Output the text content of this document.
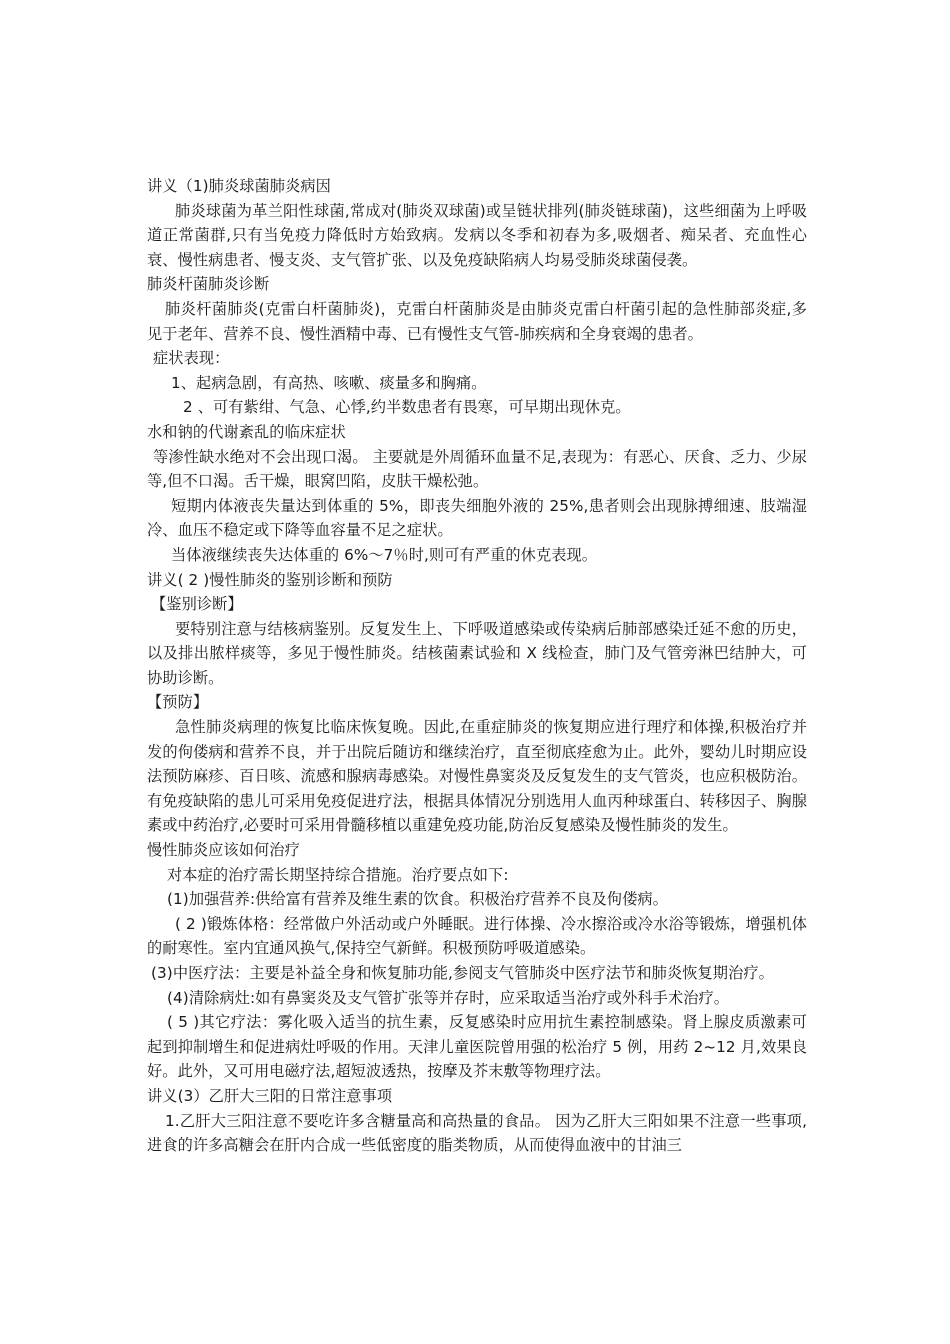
讲义（1)肺炎球菌肺炎病因

肺炎球菌为革兰阳性球菌,常成对(肺炎双球菌)或呈链状排列(肺炎链球菌)，这些细菌为上呼吸道正常菌群,只有当免疫力降低时方始致病。发病以冬季和初春为多,吸烟者、痴呆者、充血性心衰、慢性病患者、慢支炎、支气管扩张、以及免疫缺陷病人均易受肺炎球菌侵袭。

肺炎杆菌肺炎诊断

肺炎杆菌肺炎(克雷白杆菌肺炎)，克雷白杆菌肺炎是由肺炎克雷白杆菌引起的急性肺部炎症,多见于老年、营养不良、慢性酒精中毒、已有慢性支气管-肺疾病和全身衰竭的患者。

症状表现：

1、起病急剧，有高热、咳嗽、痰量多和胸痛。

2 、可有紫绀、气急、心悸,约半数患者有畏寒，可早期出现休克。

水和钠的代谢紊乱的临床症状

等渗性缺水绝对不会出现口渴。 主要就是外周循环血量不足,表现为：有恶心、厌食、乏力、少尿等,但不口渴。舌干燥，眼窝凹陷，皮肤干燥松弛。

短期内体液丧失量达到体重的 5%，即丧失细胞外液的 25%,患者则会出现脉搏细速、肢端湿冷、血压不稳定或下降等血容量不足之症状。

当体液继续丧失达体重的 6%～7％时,则可有严重的休克表现。

讲义( 2 )慢性肺炎的鉴别诊断和预防

【鉴别诊断】

要特别注意与结核病鉴别。反复发生上、下呼吸道感染或传染病后肺部感染迁延不愈的历史，以及排出脓样痰等，多见于慢性肺炎。结核菌素试验和 X 线检查，肺门及气管旁淋巴结肿大，可协助诊断。

【预防】

急性肺炎病理的恢复比临床恢复晚。因此,在重症肺炎的恢复期应进行理疗和体操,积极治疗并发的佝偻病和营养不良，并于出院后随访和继续治疗，直至彻底痊愈为止。此外，婴幼儿时期应设法预防麻疹、百日咳、流感和腺病毒感染。对慢性鼻窦炎及反复发生的支气管炎，也应积极防治。有免疫缺陷的患儿可采用免疫促进疗法，根据具体情况分别选用人血丙种球蛋白、转移因子、胸腺素或中药治疗,必要时可采用骨髓移植以重建免疫功能,防治反复感染及慢性肺炎的发生。

慢性肺炎应该如何治疗

对本症的治疗需长期坚持综合措施。治疗要点如下:

(1)加强营养:供给富有营养及维生素的饮食。积极治疗营养不良及佝偻病。

( 2 )锻炼体格：经常做户外活动或户外睡眠。进行体操、冷水擦浴或冷水浴等锻炼，增强机体的耐寒性。室内宜通风换气,保持空气新鲜。积极预防呼吸道感染。

(3)中医疗法：主要是补益全身和恢复肺功能,参阅支气管肺炎中医疗法节和肺炎恢复期治疗。

(4)清除病灶:如有鼻窦炎及支气管扩张等并存时，应采取适当治疗或外科手术治疗。

( 5 )其它疗法：雾化吸入适当的抗生素，反复感染时应用抗生素控制感染。肾上腺皮质激素可起到抑制增生和促进病灶呼吸的作用。天津儿童医院曾用强的松治疗 5 例，用药 2~12 月,效果良好。此外，又可用电磁疗法,超短波透热，按摩及芥末敷等物理疗法。

讲义(3）乙肝大三阳的日常注意事项

1.乙肝大三阳注意不要吃许多含糖量高和高热量的食品。 因为乙肝大三阳如果不注意一些事项,进食的许多高糖会在肝内合成一些低密度的脂类物质，从而使得血液中的甘油三
